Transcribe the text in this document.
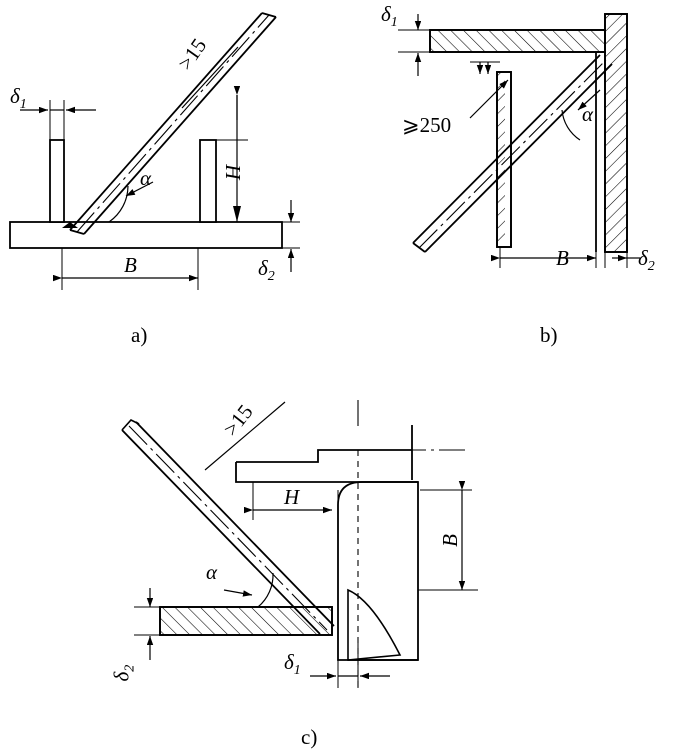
$\delta_1$
$\delta_2$
α	H
B
>15
a)
$\delta_1$
$\delta_2$
α
B
⩾250
b)
$\delta_1$
$\delta_2$
α
H
B
>15
c)
